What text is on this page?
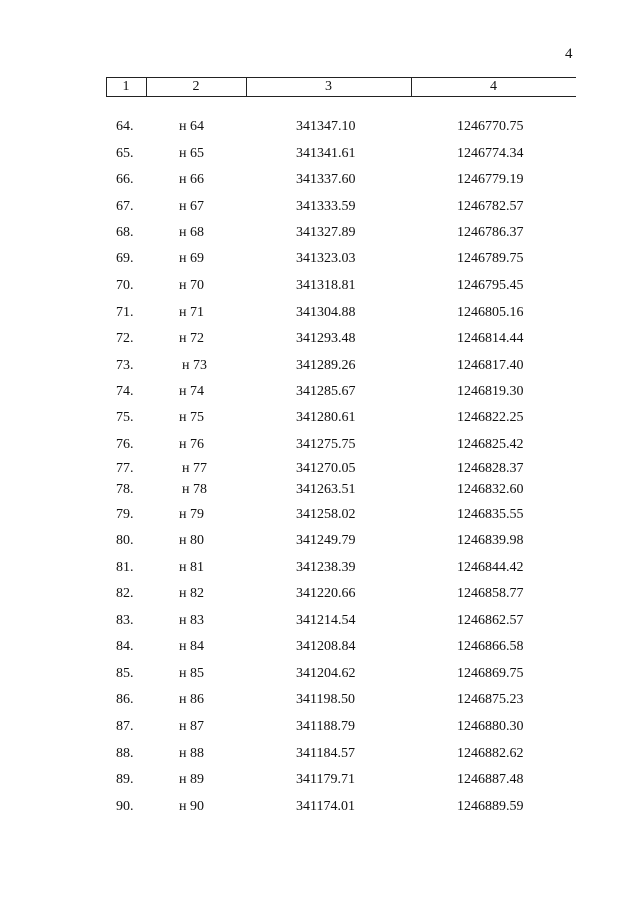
4
1	2	3	4
64.	н 64	341347.10	1246770.75
65.	н 65	341341.61	1246774.34
66.	н 66	341337.60	1246779.19
67.	н 67	341333.59	1246782.57
68.	н 68	341327.89	1246786.37
69.	н 69	341323.03	1246789.75
70.	н 70	341318.81	1246795.45
71.	н 71	341304.88	1246805.16
72.	н 72	341293.48	1246814.44
73.	н 73	341289.26	1246817.40
74.	н 74	341285.67	1246819.30
75.	н 75	341280.61	1246822.25
76.	н 76	341275.75	1246825.42
77.	н 77	341270.05	1246828.37
78.	н 78	341263.51	1246832.60
79.	н 79	341258.02	1246835.55
80.	н 80	341249.79	1246839.98
81.	н 81	341238.39	1246844.42
82.	н 82	341220.66	1246858.77
83.	н 83	341214.54	1246862.57
84.	н 84	341208.84	1246866.58
85.	н 85	341204.62	1246869.75
86.	н 86	341198.50	1246875.23
87.	н 87	341188.79	1246880.30
88.	н 88	341184.57	1246882.62
89.	н 89	341179.71	1246887.48
90.	н 90	341174.01	1246889.59
